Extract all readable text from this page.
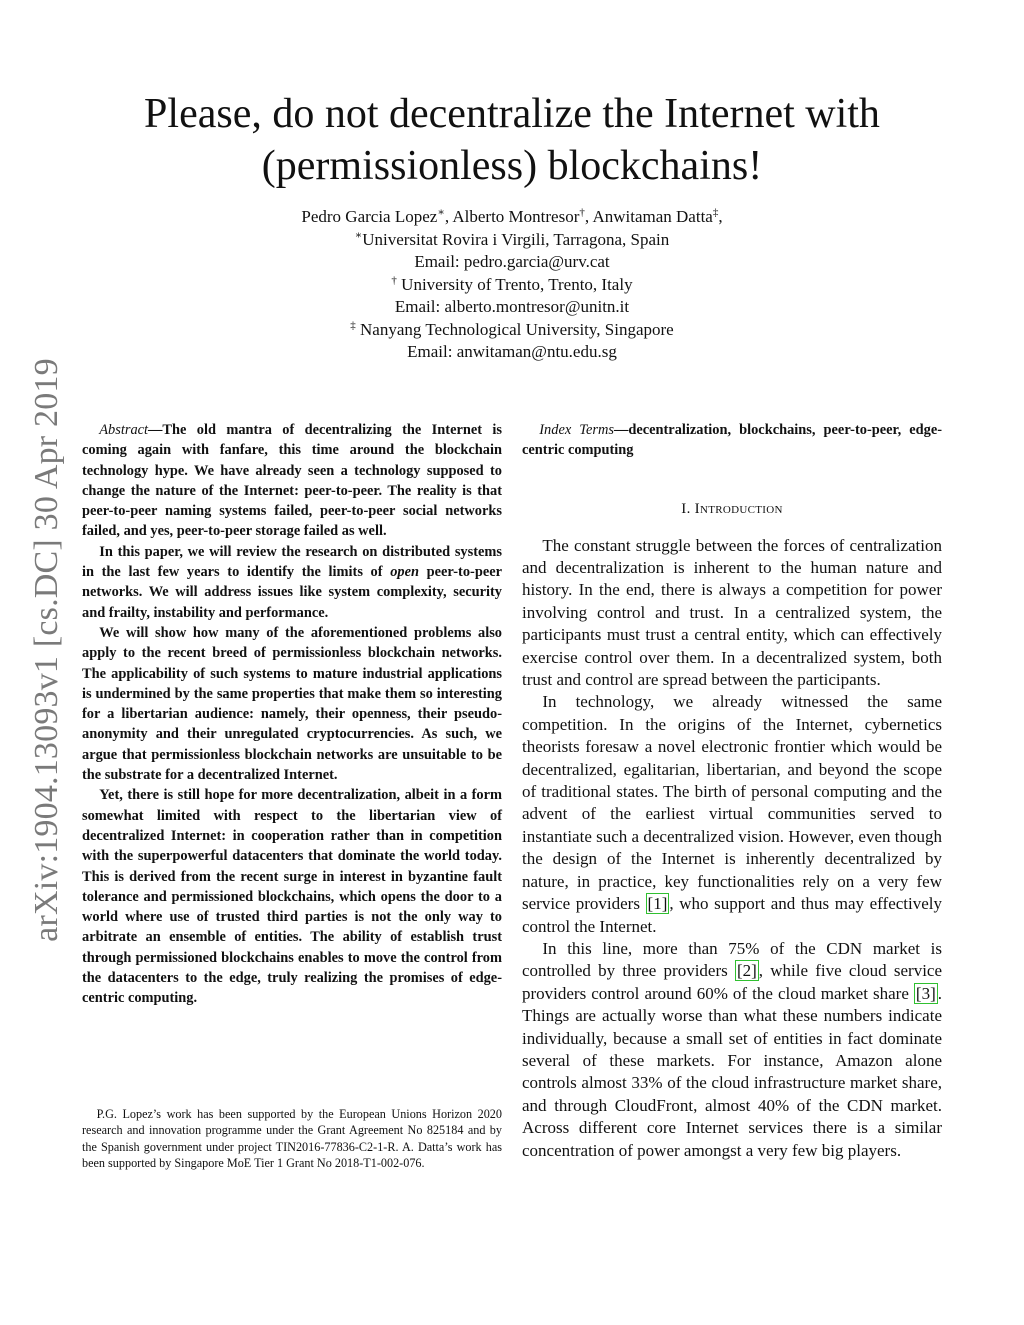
arXiv:1904.13093v1 [cs.DC] 30 Apr 2019
Please, do not decentralize the Internet with
(permissionless) blockchains!
Pedro Garcia Lopez∗, Alberto Montresor†, Anwitaman Datta‡,
∗Universitat Rovira i Virgili, Tarragona, Spain
Email: pedro.garcia@urv.cat
† University of Trento, Trento, Italy
Email: alberto.montresor@unitn.it
‡ Nanyang Technological University, Singapore
Email: anwitaman@ntu.edu.sg

Abstract—The old mantra of decentralizing the Internet is coming again with fanfare, this time around the blockchain technology hype. We have already seen a technology supposed to change the nature of the Internet: peer-to-peer. The reality is that peer-to-peer naming systems failed, peer-to-peer social networks failed, and yes, peer-to-peer storage failed as well.

In this paper, we will review the research on distributed systems in the last few years to identify the limits of open peer-to-peer networks. We will address issues like system complexity, security and frailty, instability and performance.

We will show how many of the aforementioned problems also apply to the recent breed of permissionless blockchain networks. The applicability of such systems to mature industrial applications is undermined by the same properties that make them so interesting for a libertarian audience: namely, their openness, their pseudo-anonymity and their unregulated cryptocurrencies. As such, we argue that permissionless blockchain networks are unsuitable to be the substrate for a decentralized Internet.

Yet, there is still hope for more decentralization, albeit in a form somewhat limited with respect to the libertarian view of decentralized Internet: in cooperation rather than in competition with the superpowerful datacenters that dominate the world today. This is derived from the recent surge in interest in byzantine fault tolerance and permissioned blockchains, which opens the door to a world where use of trusted third parties is not the only way to arbitrate an ensemble of entities. The ability of establish trust through permissioned blockchains enables to move the control from the datacenters to the edge, truly realizing the promises of edge-centric computing.

P.G. Lopez’s work has been supported by the European Unions Horizon 2020 research and innovation programme under the Grant Agreement No 825184 and by the Spanish government under project TIN2016-77836-C2-1-R. A. Datta’s work has been supported by Singapore MoE Tier 1 Grant No 2018-T1-002-076.

Index Terms—decentralization, blockchains, peer-to-peer, edge-centric computing

I. Introduction

The constant struggle between the forces of centralization and decentralization is inherent to the human nature and history. In the end, there is always a competition for power involving control and trust. In a centralized system, the participants must trust a central entity, which can effectively exercise control over them. In a decentralized system, both trust and control are spread between the participants.

In technology, we already witnessed the same competition. In the origins of the Internet, cybernetics theorists foresaw a novel electronic frontier which would be decentralized, egalitarian, libertarian, and beyond the scope of traditional states. The birth of personal computing and the advent of the earliest virtual communities served to instantiate such a decentralized vision. However, even though the design of the Internet is inherently decentralized by nature, in practice, key functionalities rely on a very few service providers [1] , who support and thus may effectively control the Internet.

In this line, more than 75% of the CDN market is controlled by three providers [2] , while five cloud service providers control around 60% of the cloud market share [3] . Things are actually worse than what these numbers indicate individually, because a small set of entities in fact dominate several of these markets. For instance, Amazon alone controls almost 33% of the cloud infrastructure market share, and through CloudFront, almost 40% of the CDN market. Across different core Internet services there is a similar concentration of power amongst a very few big players.
